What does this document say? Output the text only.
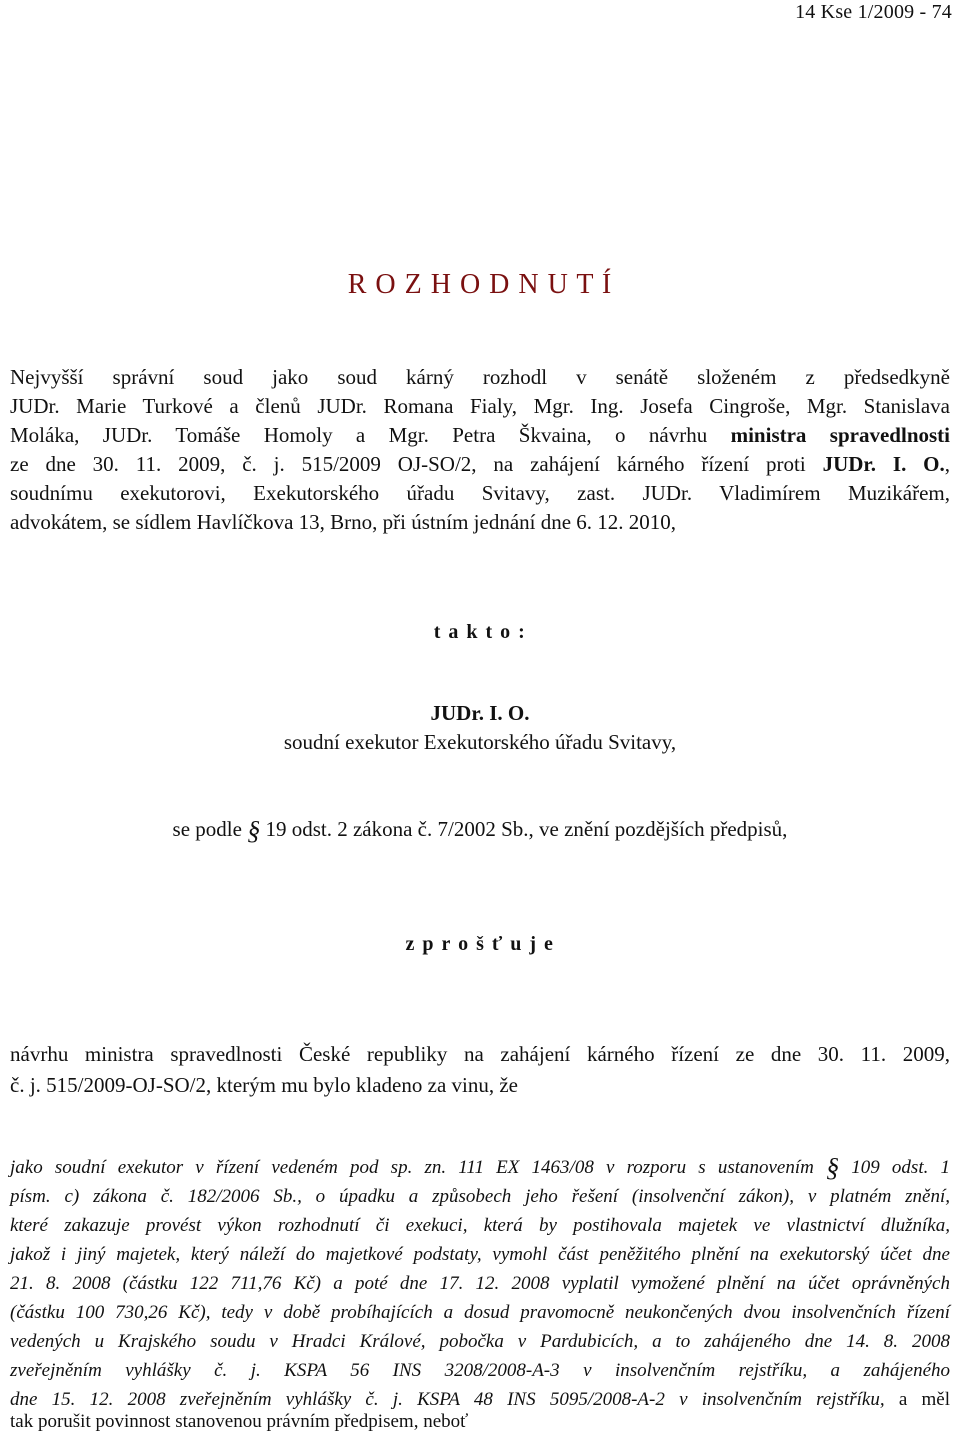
14 Kse 1/2009 - 74
R O Z H O D N U T Í
Nejvyšší správní soud jako soud kárný rozhodl v senátě složeném z předsedkyně
JUDr. Marie Turkové a členů JUDr. Romana Fialy, Mgr. Ing. Josefa Cingroše, Mgr. Stanislava
Moláka, JUDr. Tomáše Homoly a Mgr. Petra Škvaina, o návrhu ministra spravedlnosti
ze dne 30. 11. 2009, č. j. 515/2009 OJ-SO/2, na zahájení kárného řízení proti JUDr. I. O.,
soudnímu exekutorovi, Exekutorského úřadu Svitavy, zast. JUDr. Vladimírem Muzikářem,
advokátem, se sídlem Havlíčkova 13, Brno, při ústním jednání dne 6. 12. 2010,
t a k t o :
JUDr. I. O.
soudní exekutor Exekutorského úřadu Svitavy,
se podle § 19 odst. 2 zákona č. 7/2002 Sb., ve znění pozdějších předpisů,
z p r o š ť u j e
návrhu ministra spravedlnosti České republiky na zahájení kárného řízení ze dne 30. 11. 2009,
č. j. 515/2009-OJ-SO/2, kterým mu bylo kladeno za vinu, že
jako soudní exekutor v řízení vedeném pod sp. zn. 111 EX 1463/08 v rozporu s ustanovením § 109 odst. 1
písm. c) zákona č. 182/2006 Sb., o úpadku a způsobech jeho řešení (insolvenční zákon), v platném znění,
které zakazuje provést výkon rozhodnutí či exekuci, která by postihovala majetek ve vlastnictví dlužníka,
jakož i jiný majetek, který náleží do majetkové podstaty, vymohl část peněžitého plnění na exekutorský účet dne
21. 8. 2008 (částku 122 711,76 Kč) a poté dne 17. 12. 2008 vyplatil vymožené plnění na účet oprávněných
(částku 100 730,26 Kč), tedy v době probíhajících a dosud pravomocně neukončených dvou insolvenčních řízení
vedených u Krajského soudu v Hradci Králové, pobočka v Pardubicích, a to zahájeného dne 14. 8. 2008
zveřejněním vyhlášky č. j. KSPA 56 INS 3208/2008-A-3 v insolvenčním rejstříku, a zahájeného
dne 15. 12. 2008 zveřejněním vyhlášky č. j. KSPA 48 INS 5095/2008-A-2 v insolvenčním rejstříku, a měl
tak porušit povinnost stanovenou právním předpisem, neboť
